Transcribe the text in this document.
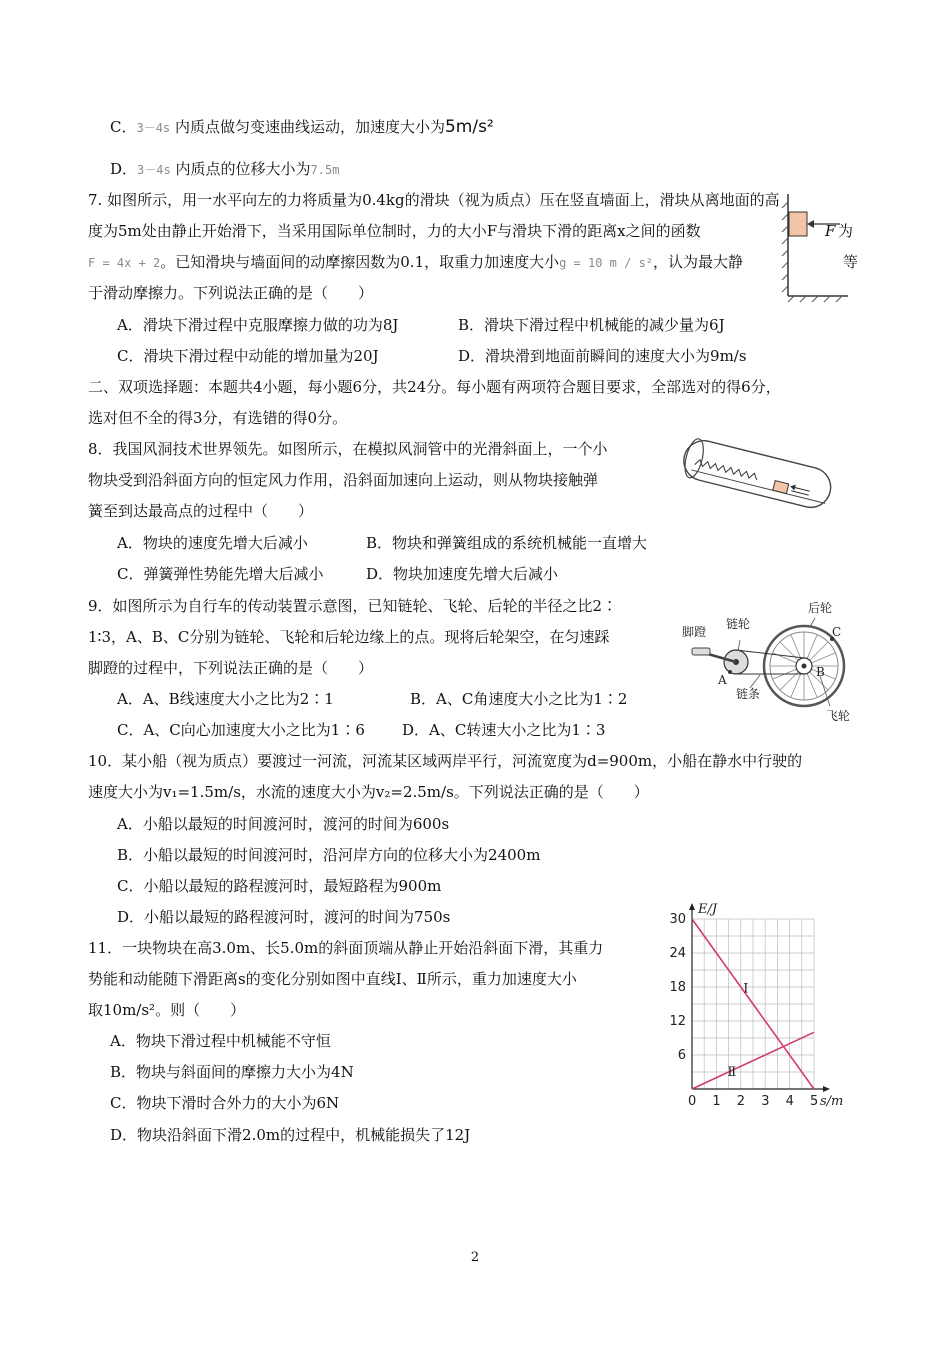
C．3－4s 内质点做匀变速曲线运动，加速度大小为5m/s²
D．3－4s 内质点的位移大小为7.5m
7. 如图所示，用一水平向左的力将质量为0.4kg的滑块（视为质点）压在竖直墙面上，滑块从离地面的高
度为5m处由静止开始滑下，当采用国际单位制时，力的大小F与滑块下滑的距离x之间的函数	为
F = 4x + 2。已知滑块与墙面间的动摩擦因数为0.1，取重力加速度大小g = 10 m / s²，认为最大静	等
于滑动摩擦力。下列说法正确的是（　　）
A．滑块下滑过程中克服摩擦力做的功为8J	B．滑块下滑过程中机械能的减少量为6J
C．滑块下滑过程中动能的增加量为20J	D．滑块滑到地面前瞬间的速度大小为9m/s
F
二、双项选择题：本题共4小题，每小题6分，共24分。每小题有两项符合题目要求，全部选对的得6分，
选对但不全的得3分，有选错的得0分。
8．我国风洞技术世界领先。如图所示，在模拟风洞管中的光滑斜面上，一个小
物块受到沿斜面方向的恒定风力作用，沿斜面加速向上运动，则从物块接触弹
簧至到达最高点的过程中（　　）
A．物块的速度先增大后减小	B．物块和弹簧组成的系统机械能一直增大
C．弹簧弹性势能先增大后减小	D．物块加速度先增大后减小
9．如图所示为自行车的传动装置示意图，已知链轮、飞轮、后轮的半径之比2∶
1∶3，A、B、C分别为链轮、飞轮和后轮边缘上的点。现将后轮架空，在匀速踩
脚蹬的过程中，下列说法正确的是（　　）
A．A、B线速度大小之比为2∶1	B．A、C角速度大小之比为1∶2
C．A、C向心加速度大小之比为1∶6 D．A、C转速大小之比为1∶3
后轮
链轮
脚蹬
链条
飞轮
A
B
C
10．某小船（视为质点）要渡过一河流，河流某区域两岸平行，河流宽度为d=900m，小船在静水中行驶的
速度大小为v₁=1.5m/s，水流的速度大小为v₂=2.5m/s。下列说法正确的是（　　）
A．小船以最短的时间渡河时，渡河的时间为600s
B．小船以最短的时间渡河时，沿河岸方向的位移大小为2400m
C．小船以最短的路程渡河时，最短路程为900m
D．小船以最短的路程渡河时，渡河的时间为750s
11．一块物块在高3.0m、长5.0m的斜面顶端从静止开始沿斜面下滑，其重力
势能和动能随下滑距离s的变化分别如图中直线Ⅰ、Ⅱ所示，重力加速度大小
取10m/s²。则（　　）
A．物块下滑过程中机械能不守恒
B．物块与斜面间的摩擦力大小为4N
C．物块下滑时合外力的大小为6N
D．物块沿斜面下滑2.0m的过程中，机械能损失了12J
Ⅰ
Ⅱ
0 1 2 3 4 5
6
12
18
24
30
s/m
E/J
2
